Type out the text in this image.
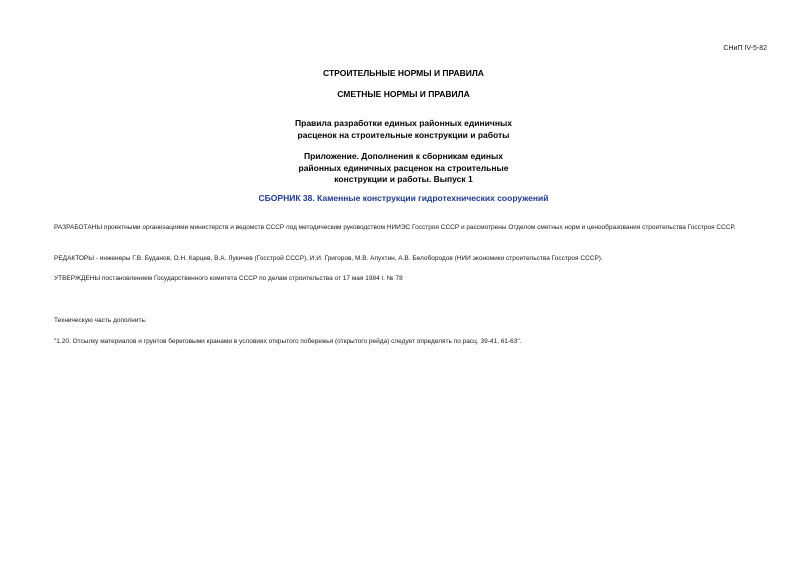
СНиП IV-5-82
СТРОИТЕЛЬНЫЕ НОРМЫ И ПРАВИЛА
СМЕТНЫЕ НОРМЫ И ПРАВИЛА
Правила разработки единых районных единичных
расценок на строительные конструкции и работы
Приложение. Дополнения к сборникам единых
районных единичных расценок на строительные
конструкции и работы. Выпуск 1
СБОРНИК 38. Каменные конструкции гидротехнических сооружений
РАЗРАБОТАНЫ проектными организациями министерств и ведомств СССР под методическим руководством НИИЭС Госстроя СССР и рассмотрены Отделом сметных норм и ценообразования строительства Госстроя СССР.
РЕДАКТОРЫ - инженеры Г.В. Буданов, О.Н. Карцев, В.А. Лукичев (Госстрой СССР), И.И. Григоров, М.В. Апухтин, А.В. Белобородов (НИИ экономики строительства Госстроя СССР).
УТВЕРЖДЕНЫ постановлением Государственного комитета СССР по делам строительства от 17 мая 1984 г. № 78
Техническую часть дополнить:
"1.20. Отсылку материалов и грунтов береговыми кранами в условиях открытого побережья (открытого рейда) следует определять по расц. 39-41, 61-63".
